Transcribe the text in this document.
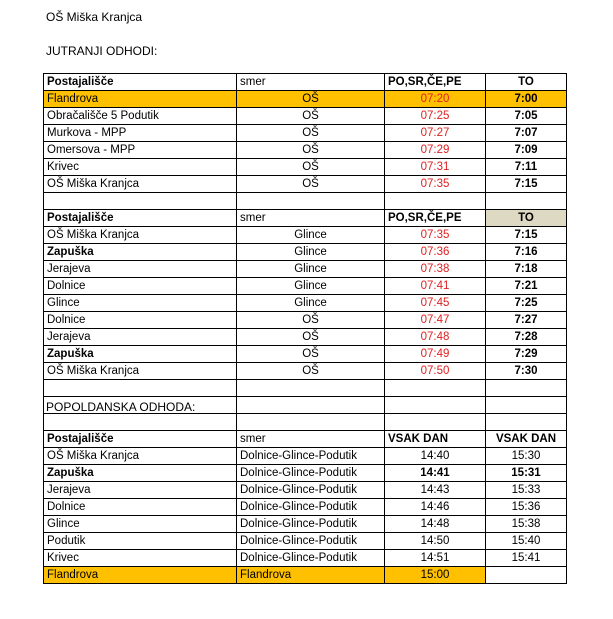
OŠ Miška Kranjca
JUTRANJI ODHODI:
Postajališče	smer	PO,SR,ČE,PE	TO
Flandrova	OŠ	07:20	7:00
Obračališče 5 Podutik	OŠ	07:25	7:05
Murkova - MPP	OŠ	07:27	7:07
Omersova - MPP	OŠ	07:29	7:09
Krivec	OŠ	07:31	7:11
OŠ Miška Kranjca	OŠ	07:35	7:15

Postajališče	smer	PO,SR,ČE,PE	TO
OŠ Miška Kranjca	Glince	07:35	7:15
Zapuška	Glince	07:36	7:16
Jerajeva	Glince	07:38	7:18
Dolnice	Glince	07:41	7:21
Glince	Glince	07:45	7:25
Dolnice	OŠ	07:47	7:27
Jerajeva	OŠ	07:48	7:28
Zapuška	OŠ	07:49	7:29
OŠ Miška Kranjca	OŠ	07:50	7:30

Postajališče	smer	VSAK DAN	VSAK DAN
OŠ Miška Kranjca	Dolnice-Glince-Podutik	14:40	15:30
Zapuška	Dolnice-Glince-Podutik	14:41	15:31
Jerajeva	Dolnice-Glince-Podutik	14:43	15:33
Dolnice	Dolnice-Glince-Podutik	14:46	15:36
Glince	Dolnice-Glince-Podutik	14:48	15:38
Podutik	Dolnice-Glince-Podutik	14:50	15:40
Krivec	Dolnice-Glince-Podutik	14:51	15:41
Flandrova	Flandrova	15:00	
POPOLDANSKA ODHODA:
